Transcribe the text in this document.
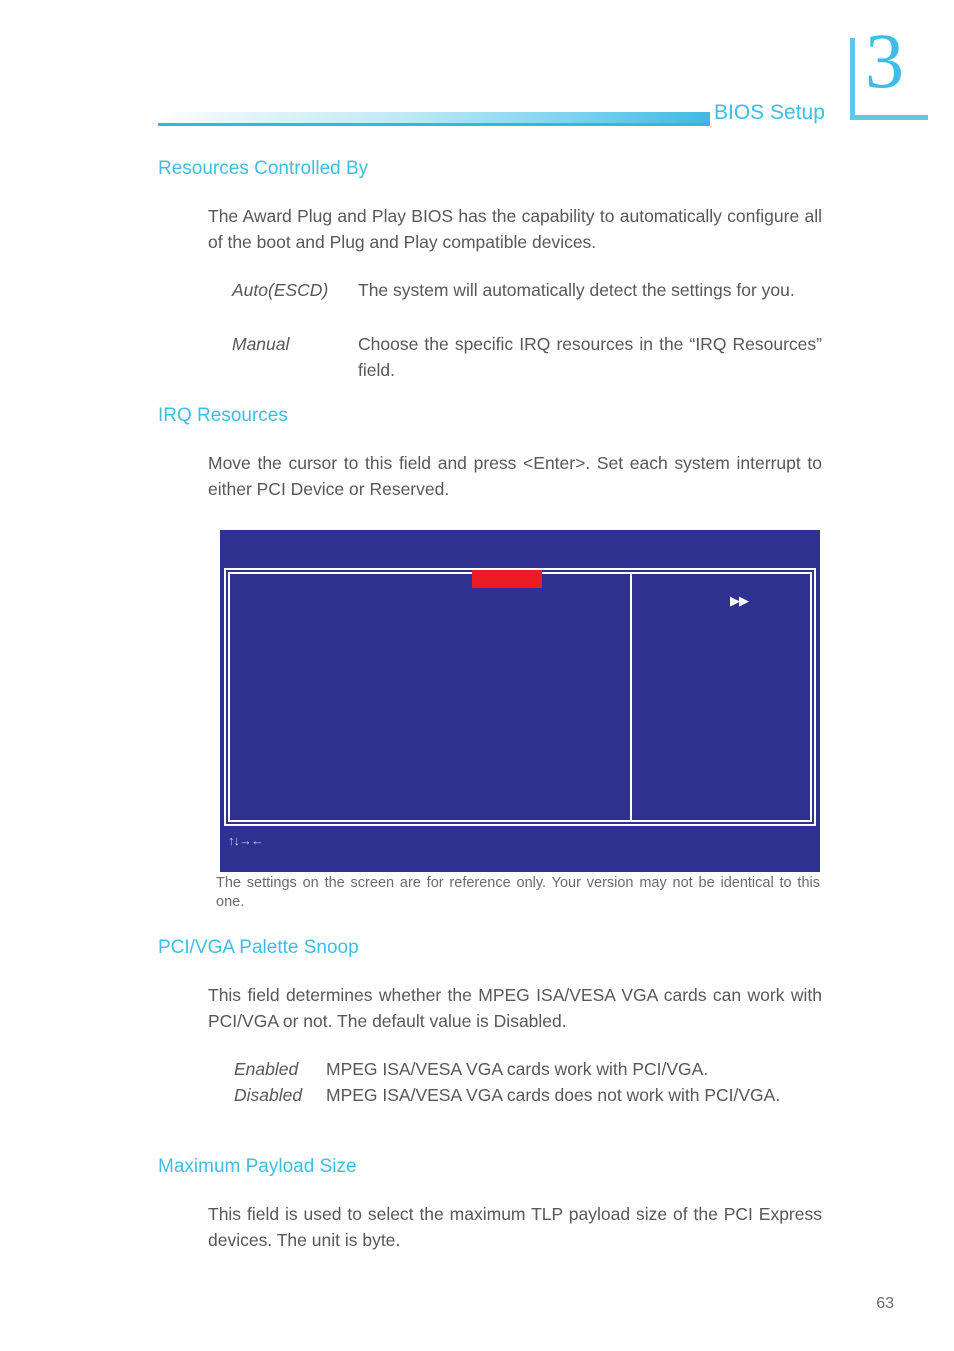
BIOS Setup
3
Resources Controlled By
The Award Plug and Play BIOS has the capability to automatically configure all of the boot and Plug and Play compatible devices.
Auto(ESCD) The system will automatically detect the settings for you.
Manual	Choose the specific IRQ resources in the “IRQ Resources” field.
IRQ Resources
Move the cursor to this field and press <Enter>. Set each system interrupt to either PCI Device or Reserved.
▶▶
↑↓→←
The settings on the screen are for reference only. Your version may not be identical to this one.
PCI/VGA Palette Snoop
This field determines whether the MPEG ISA/VESA VGA cards can work with PCI/VGA or not. The default value is Disabled.
Enabled MPEG ISA/VESA VGA cards work with PCI/VGA.
Disabled MPEG ISA/VESA VGA cards does not work with PCI/VGA.
Maximum Payload Size
This field is used to select the maximum TLP payload size of the PCI Express devices. The unit is byte.
63
